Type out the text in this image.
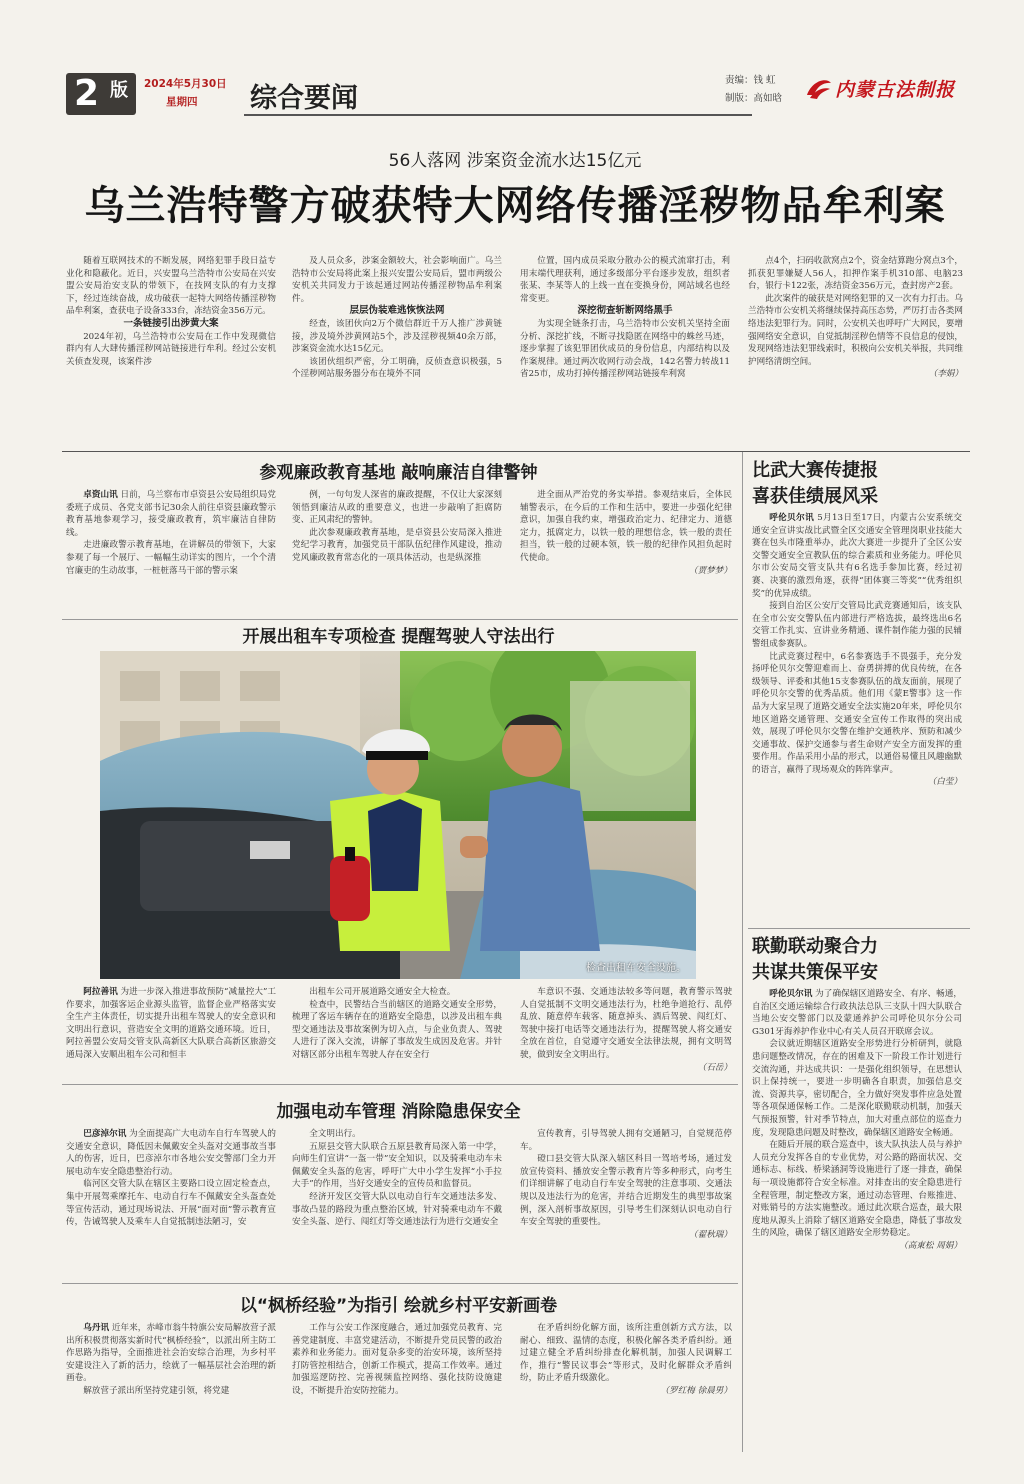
2 版 2024年5月30日
星期四 综合要闻
责编：钱 虹
制版：高如晗	内蒙古法制报
56人落网 涉案资金流水达15亿元
乌兰浩特警方破获特大网络传播淫秽物品牟利案

随着互联网技术的不断发展，网络犯罪手段日益专业化和隐蔽化。近日，兴安盟乌兰浩特市公安局在兴安盟公安局治安支队的带领下，在技网支队的有力支撑下，经过连续奋战，成功破获一起特大网络传播淫秽物品牟利案，查获电子设备333台，冻结资金356万元。

一条链接引出涉黄大案

2024年初，乌兰浩特市公安局在工作中发现微信群内有人大肆传播淫秽网站链接进行牟利。经过公安机关侦查发现，该案件涉

及人员众多，涉案金额较大，社会影响面广。乌兰浩特市公安局将此案上报兴安盟公安局后，盟市两级公安机关共同发力于该起通过网站传播淫秽物品牟利案件。

层层伪装难逃恢恢法网

经查，该团伙向2万个微信群近千万人推广涉黄链接，涉及境外涉黄网站5个，涉及淫秽视频40余万部，涉案资金流水达15亿元。

该团伙组织严密，分工明确，反侦查意识极强，5个淫秽网站服务器分布在境外不同

位置，国内成员采取分散办公的模式流窜打击，利用末端代理获利，通过多级部分平台逐步发放，组织者张某、李某等人的上线一直在变换身份，网站域名也经常变更。

深挖彻查斩断网络黑手

为实现全链条打击，乌兰浩特市公安机关坚持全面分析、深挖扩线，不断寻找隐匿在网络中的蛛丝马迹，逐步掌握了该犯罪团伙成员的身份信息，内部结构以及作案规律。通过两次收网行动会战，142名警力转战11省25市，成功打掉传播淫秽网站链接牟利窝

点4个，扫码收款窝点2个，资金结算跑分窝点3个，抓获犯罪嫌疑人56人，扣押作案手机310部、电脑23台，银行卡122张，冻结资金356万元，查封房产2套。

此次案件的破获是对网络犯罪的又一次有力打击。乌兰浩特市公安机关将继续保持高压态势，严厉打击各类网络违法犯罪行为。同时，公安机关也呼吁广大网民，要增强网络安全意识，自觉抵制淫秽色情等不良信息的侵蚀，发现网络违法犯罪线索时，积极向公安机关举报，共同维护网络清朗空间。

（李娟）

参观廉政教育基地 敲响廉洁自律警钟

卓资山讯 日前，乌兰察布市卓资县公安局组织局党委班子成员、各党支部书记30余人前往卓资县廉政警示教育基地参观学习，接受廉政教育，筑牢廉洁自律防线。

走进廉政警示教育基地，在讲解员的带领下，大家参观了每一个展厅、一幅幅生动详实的图片，一个个清官廉吏的生动故事，一桩桩落马干部的警示案

例，一句句发人深省的廉政提醒，不仅让大家深刻领悟到廉洁从政的重要意义，也进一步敲响了拒腐防变、正风肃纪的警钟。

此次参观廉政教育基地，是卓资县公安局深入推进党纪学习教育，加强党员干部队伍纪律作风建设，推动党风廉政教育常态化的一项具体活动，也是纵深推

进全面从严治党的务实举措。参观结束后，全体民辅警表示，在今后的工作和生活中，要进一步强化纪律意识，加强自我约束，增强政治定力、纪律定力、道德定力，抵腐定力，以铁一般的理想信念，铁一般的责任担当，铁一般的过硬本领，铁一般的纪律作风担负起时代使命。

（贾梦梦）

开展出租车专项检查 提醒驾驶人守法出行
检查出租车安全设施。

阿拉善讯 为进一步深入推进事故预防“减量控大”工作要求，加强客运企业源头监管，监督企业严格落实安全生产主体责任，切实提升出租车驾驶人的安全意识和文明出行意识，营造安全文明的道路交通环境。近日，阿拉善盟公安局交管支队高新区大队联合高新区旅游交通局深入安顺出租车公司和恒丰

出租车公司开展道路交通安全大检查。

检查中，民警结合当前辖区的道路交通安全形势，梳理了客运车辆存在的道路安全隐患，以涉及出租车典型交通违法及事故案例为切入点，与企业负责人、驾驶人进行了深入交流，讲解了事故发生成因及危害。并针对辖区部分出租车驾驶人存在安全行

车意识不强、交通违法较多等问题，教育警示驾驶人自觉抵制不文明交通违法行为，杜绝争道抢行、乱停乱放、随意停车载客、随意掉头、酒后驾驶、闯红灯、驾驶中接打电话等交通违法行为，提醒驾驶人将交通安全放在首位，自觉遵守交通安全法律法规，拥有文明驾驶，做到安全文明出行。

（石岳）

加强电动车管理 消除隐患保安全

巴彦淖尔讯 为全面提高广大电动车自行车驾驶人的交通安全意识，降低因未佩戴安全头盔对交通事故当事人的伤害，近日，巴彦淖尔市各地公安交警部门全力开展电动车安全隐患整治行动。

临河区交管大队在辖区主要路口设立固定检查点，集中开展驾乘摩托车、电动自行车不佩戴安全头盔查处等宣传活动，通过现场说法、开展“面对面”警示教育宣传，告诫驾驶人及乘车人自觉抵制违法陋习，安

全文明出行。

五原县交管大队联合五原县教育局深入第一中学，向师生们宣讲“一盔一带”安全知识，以及骑乘电动车未佩戴安全头盔的危害，呼吁广大中小学生发挥“小手拉大手”的作用，当好交通安全的宣传员和监督员。

经济开发区交管大队以电动自行车交通违法多发、事故凸显的路段为重点整治区域，针对骑乘电动车不戴安全头盔、逆行、闯红灯等交通违法行为进行交通安全

宣传教育，引导驾驶人拥有交通陋习，自觉规范停车。

磴口县交管大队深入辖区科目一驾培考场，通过发放宣传资料、播放安全警示教育片等多种形式，向考生们详细讲解了电动自行车安全驾驶的注意事项、交通法规以及违法行为的危害，并结合近期发生的典型事故案例，深入剖析事故原因，引导考生们深刻认识电动自行车安全驾驶的重要性。

（翟秋瑞）

以“枫桥经验”为指引 绘就乡村平安新画卷

乌丹讯 近年来，赤峰市翁牛特旗公安局解放营子派出所积极贯彻落实新时代“枫桥经验”，以派出所主防工作思路为指导，全面推进社会治安综合治理，为乡村平安建设注入了新的活力，绘就了一幅基层社会治理的新画卷。

解放营子派出所坚持党建引领，将党建

工作与公安工作深度融合，通过加强党员教育、完善党建制度、丰富党建活动，不断提升党员民警的政治素养和业务能力。面对复杂多变的治安环境，该所坚持打防管控相结合，创新工作模式，提高工作效率。通过加强巡逻防控、完善视频监控网络、强化技防设施建设，不断提升治安防控能力。

在矛盾纠纷化解方面，该所注重创新方式方法，以耐心、细致、温情的态度，积极化解各类矛盾纠纷。通过建立健全矛盾纠纷排查化解机制，加强人民调解工作，推行“警民议事会”等形式，及时化解群众矛盾纠纷，防止矛盾升级激化。

（罗红梅 徐晨男）

比武大赛传捷报
喜获佳绩展风采

呼伦贝尔讯 5月13日至17日，内蒙古公安系统交通安全宣讲实战比武暨全区交通安全管理岗职业技能大赛在包头市隆重举办，此次大赛进一步提升了全区公安交警交通安全宣教队伍的综合素质和业务能力。呼伦贝尔市公安局交管支队共有6名选手参加比赛，经过初赛、决赛的激烈角逐，获得“团体赛三等奖”“优秀组织奖”的优异成绩。

接到自治区公安厅交管局比武竞赛通知后，该支队在全市公安交警队伍内部进行严格选拔，最终选出6名交管工作扎实、宣讲业务精通、课件制作能力强的民辅警组成参赛队。

比武竞赛过程中，6名参赛选手不畏强手，充分发扬呼伦贝尔交警迎难而上、奋勇拼搏的优良传统，在各级领导、评委和其他15支参赛队伍的战友面前，展现了呼伦贝尔交警的优秀品质。他们用《蒙E警事》这一作品为大家呈现了道路交通安全法实施20年来，呼伦贝尔地区道路交通管理、交通安全宣传工作取得的突出成效，展现了呼伦贝尔交警在维护交通秩序、预防和减少交通事故、保护交通参与者生命财产安全方面发挥的重要作用。作品采用小品的形式，以通俗易懂且风趣幽默的语言，赢得了现场观众的阵阵掌声。

（白莹）

联勤联动聚合力
共谋共策保平安

呼伦贝尔讯 为了确保辖区道路安全、有序、畅通，自治区交通运输综合行政执法总队三支队十四大队联合当地公安交警部门以及蒙通养护公司呼伦贝尔分公司G301牙海养护作业中心有关人员召开联席会议。

会议就近期辖区道路安全形势进行分析研判，就隐患问题整改情况，存在的困难及下一阶段工作计划进行交流沟通，并达成共识：一是强化组织领导，在思想认识上保持统一，要进一步明确各自职责，加强信息交流、资源共享，密切配合，全力做好突发事件应急处置等各项保通保畅工作。二是深化联勤联动机制，加强天气预报预警，针对季节特点，加大对重点部位的巡查力度，发现隐患问题及时整改，确保辖区道路安全畅通。

在随后开展的联合巡查中，该大队执法人员与养护人员充分发挥各自的专业优势，对公路的路面状况、交通标志、标线、桥梁涵洞等设施进行了逐一排查，确保每一项设施都符合安全标准。对排查出的安全隐患进行全程管理，制定整改方案，通过动态管理、台账推进、对账销号的方法实施整改。通过此次联合巡查，最大限度地从源头上消除了辖区道路安全隐患，降低了事故发生的风险，确保了辖区道路安全形势稳定。

（高東松 周娟）
